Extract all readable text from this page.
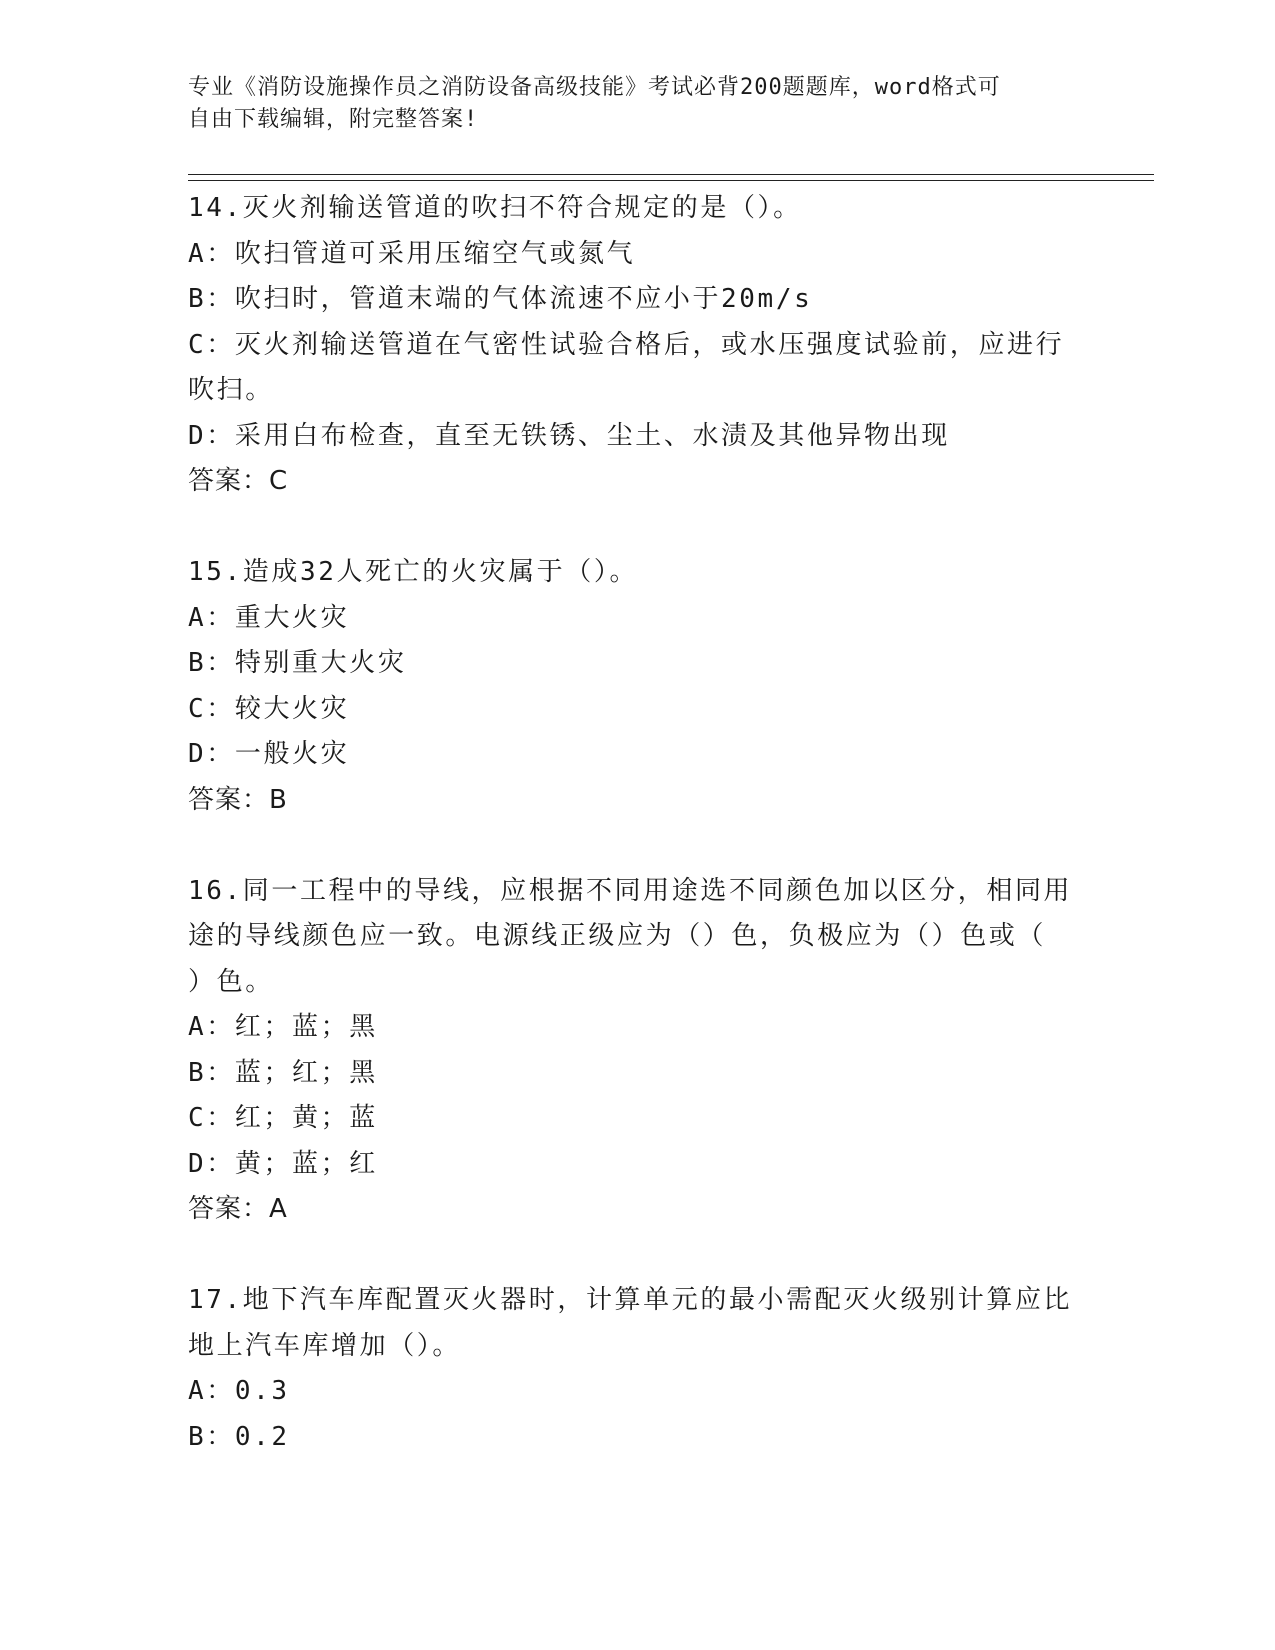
专业《消防设施操作员之消防设备高级技能》考试必背200题题库，word格式可
自由下载编辑，附完整答案!
14.灭火剂输送管道的吹扫不符合规定的是（）。
A：吹扫管道可采用压缩空气或氮气
B：吹扫时，管道末端的气体流速不应小于20m/s
C：灭火剂输送管道在气密性试验合格后，或水压强度试验前，应进行
吹扫。
D：采用白布检查，直至无铁锈、尘土、水渍及其他异物出现
答案：C
15.造成32人死亡的火灾属于（）。
A：重大火灾
B：特别重大火灾
C：较大火灾
D：一般火灾
答案：B
16.同一工程中的导线，应根据不同用途选不同颜色加以区分，相同用
途的导线颜色应一致。电源线正级应为（）色，负极应为（）色或（
）色。
A：红；蓝；黑
B：蓝；红；黑
C：红；黄；蓝
D：黄；蓝；红
答案：A
17.地下汽车库配置灭火器时，计算单元的最小需配灭火级别计算应比
地上汽车库增加（）。
A：0.3
B：0.2
